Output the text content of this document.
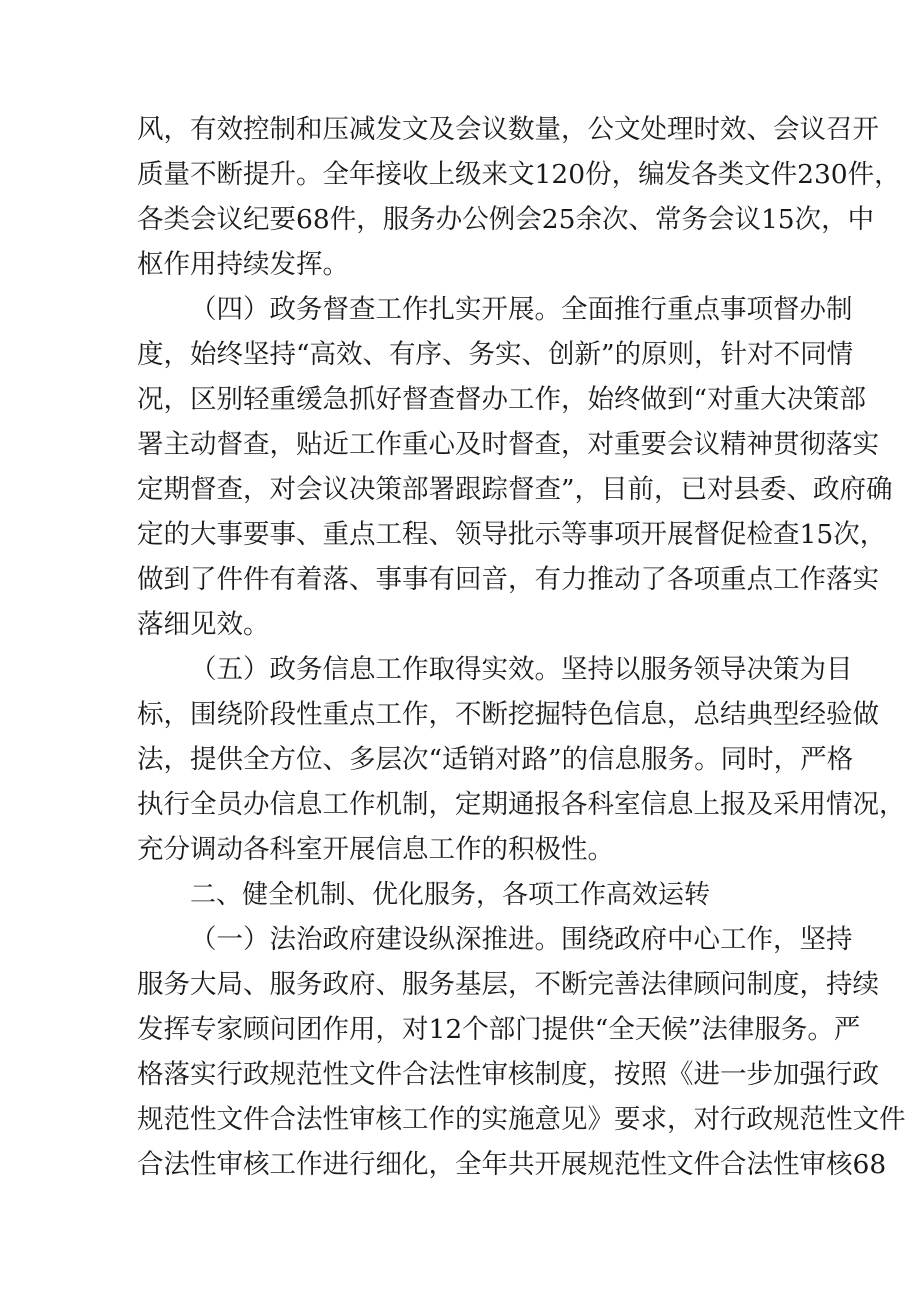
风，有效控制和压减发文及会议数量，公文处理时效、会议召开
质量不断提升。全年接收上级来文120份，编发各类文件230件，
各类会议纪要68件，服务办公例会25余次、常务会议15次，中
枢作用持续发挥。
（四）政务督查工作扎实开展。全面推行重点事项督办制
度，始终坚持“高效、有序、务实、创新”的原则，针对不同情
况，区别轻重缓急抓好督查督办工作，始终做到“对重大决策部
署主动督查，贴近工作重心及时督查，对重要会议精神贯彻落实
定期督查，对会议决策部署跟踪督查”，目前，已对县委、政府确
定的大事要事、重点工程、领导批示等事项开展督促检查15次，
做到了件件有着落、事事有回音，有力推动了各项重点工作落实
落细见效。
（五）政务信息工作取得实效。坚持以服务领导决策为目
标，围绕阶段性重点工作，不断挖掘特色信息，总结典型经验做
法，提供全方位、多层次“适销对路”的信息服务。同时，严格
执行全员办信息工作机制，定期通报各科室信息上报及采用情况，
充分调动各科室开展信息工作的积极性。
二、健全机制、优化服务，各项工作高效运转
（一）法治政府建设纵深推进。围绕政府中心工作，坚持
服务大局、服务政府、服务基层，不断完善法律顾问制度，持续
发挥专家顾问团作用，对12个部门提供“全天候”法律服务。严
格落实行政规范性文件合法性审核制度，按照《进一步加强行政
规范性文件合法性审核工作的实施意见》要求，对行政规范性文件
合法性审核工作进行细化，全年共开展规范性文件合法性审核68
